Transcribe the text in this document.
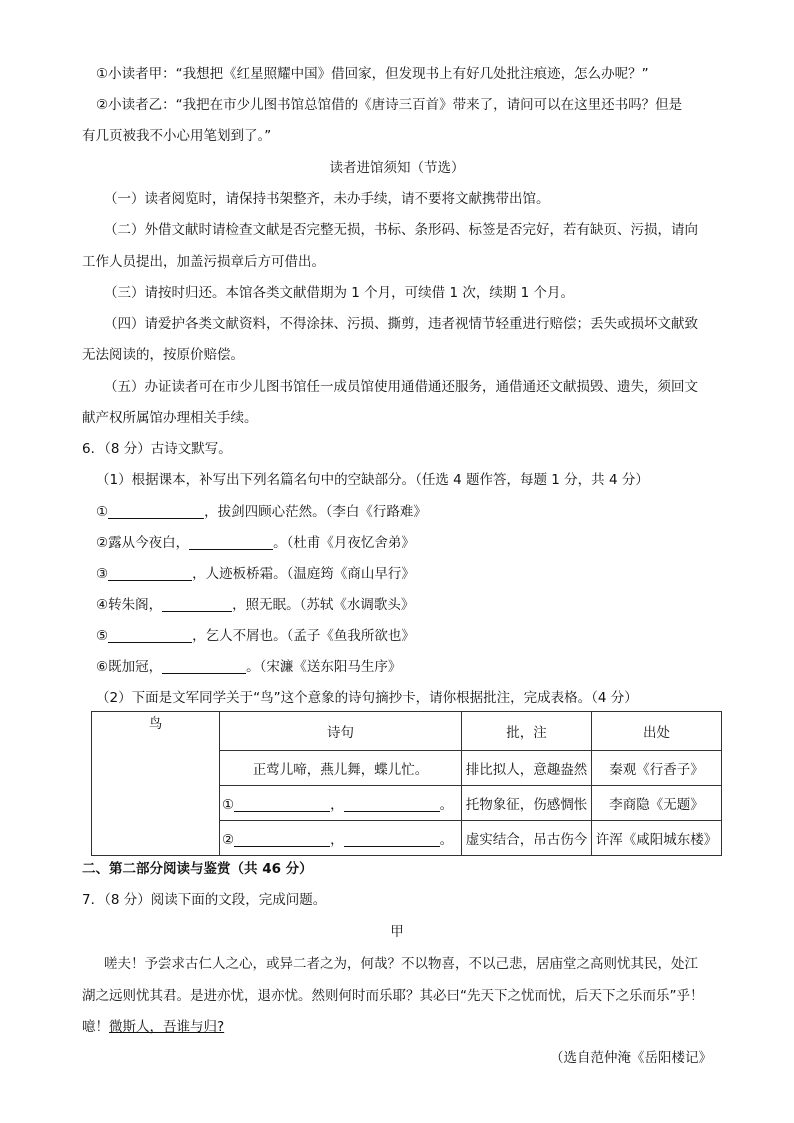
①小读者甲：“我想把《红星照耀中国》借回家，但发现书上有好几处批注痕迹，怎么办呢？”
②小读者乙：“我把在市少儿图书馆总馆借的《唐诗三百首》带来了，请问可以在这里还书吗？但是
有几页被我不小心用笔划到了。”
读者进馆须知（节选）
（一）读者阅览时，请保持书架整齐，未办手续，请不要将文献携带出馆。
（二）外借文献时请检查文献是否完整无损，书标、条形码、标签是否完好，若有缺页、污损，请向
工作人员提出，加盖污损章后方可借出。
（三）请按时归还。本馆各类文献借期为 1 个月，可续借 1 次，续期 1 个月。
（四）请爱护各类文献资料，不得涂抹、污损、撕剪，违者视情节轻重进行赔偿；丢失或损坏文献致
无法阅读的，按原价赔偿。
（五）办证读者可在市少儿图书馆任一成员馆使用通借通还服务，通借通还文献损毁、遗失，须回文
献产权所属馆办理相关手续。
6．（8 分）古诗文默写。
（1）根据课本，补写出下列名篇名句中的空缺部分。（任选 4 题作答，每题 1 分，共 4 分）
①	，拔剑四顾心茫然。（李白《行路难》
②露从今夜白，	。（杜甫《月夜忆舍弟》
③	，人迹板桥霜。（温庭筠《商山早行》
④转朱阁，	，照无眠。（苏轼《水调歌头》
⑤	，乞人不屑也。（孟子《鱼我所欲也》
⑥既加冠，	。（宋濂《送东阳马生序》
（2）下面是文军同学关于“鸟”这个意象的诗句摘抄卡，请你根据批注，完成表格。（4 分）
鸟	诗句	批，注	出处
	正莺儿啼，燕儿舞，蝶儿忙。	排比拟人，意趣盎然	秦观《行香子》
	① ， 。	托物象征，伤感惆怅	李商隐《无题》
	② ， 。	虚实结合，吊古伤今	许浑《咸阳城东楼》
二、第二部分阅读与鉴赏（共 46 分）
7．（8 分）阅读下面的文段，完成问题。
甲
嗟夫！予尝求古仁人之心，或异二者之为，何哉？不以物喜，不以己悲，居庙堂之高则忧其民，处江
湖之远则忧其君。是进亦忧，退亦忧。然则何时而乐耶？其必曰“先天下之忧而忧，后天下之乐而乐”乎！
噫！微斯人，吾谁与归?
（选自范仲淹《岳阳楼记》
